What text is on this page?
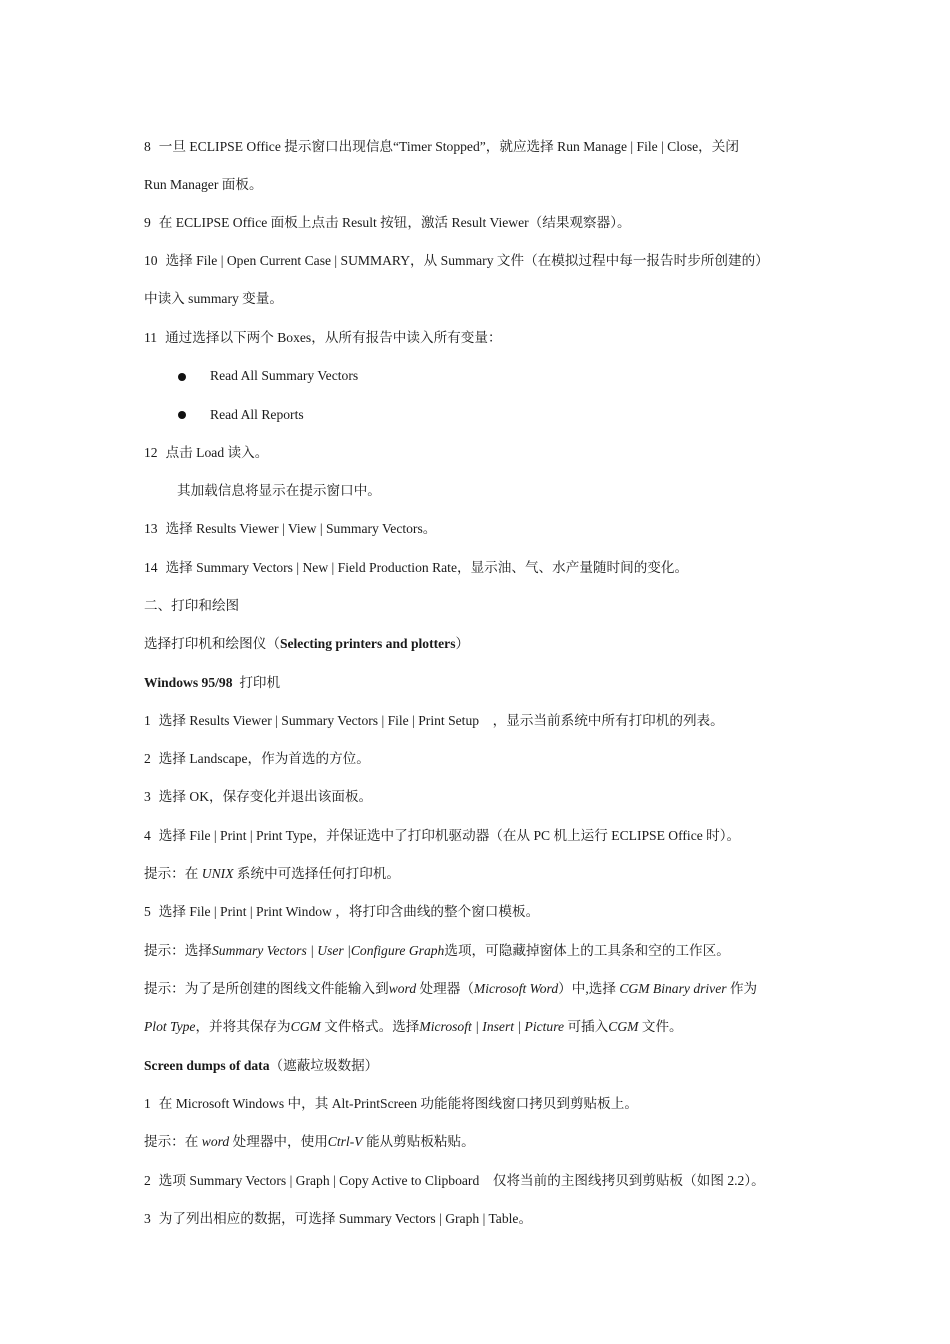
8 一旦 ECLIPSE Office 提示窗口出现信息“Timer Stopped”，就应选择 Run Manage | File | Close，关闭
Run Manager 面板。
9 在 ECLIPSE Office 面板上点击 Result 按钮，激活 Result Viewer（结果观察器）。
10 选择 File | Open Current Case | SUMMARY，从 Summary 文件（在模拟过程中每一报告时步所创建的）
中读入 summary 变量。
11 通过选择以下两个 Boxes，从所有报告中读入所有变量：
Read All Summary Vectors
Read All Reports
12 点击 Load 读入。
其加载信息将显示在提示窗口中。
13 选择 Results Viewer | View | Summary Vectors。
14 选择 Summary Vectors | New | Field Production Rate，显示油、气、水产量随时间的变化。
二、打印和绘图
选择打印机和绘图仪（Selecting printers and plotters）
Windows 95/98 打印机
1 选择 Results Viewer | Summary Vectors | File | Print Setup　，显示当前系统中所有打印机的列表。
2 选择 Landscape，作为首选的方位。
3 选择 OK，保存变化并退出该面板。
4 选择 File | Print | Print Type，并保证选中了打印机驱动器（在从 PC 机上运行 ECLIPSE Office 时）。
提示：在 UNIX 系统中可选择任何打印机。
5 选择 File | Print | Print Window ，将打印含曲线的整个窗口模板。
提示：选择Summary Vectors | User |Configure Graph选项，可隐藏掉窗体上的工具条和空的工作区。
提示：为了是所创建的图线文件能输入到word 处理器（Microsoft Word）中,选择 CGM Binary driver 作为
Plot Type，并将其保存为CGM 文件格式。选择Microsoft | Insert | Picture 可插入CGM 文件。
Screen dumps of data（遮蔽垃圾数据）
1 在 Microsoft Windows 中，其 Alt-PrintScreen 功能能将图线窗口拷贝到剪贴板上。
提示：在 word 处理器中，使用Ctrl-V 能从剪贴板粘贴。
2 选项 Summary Vectors | Graph | Copy Active to Clipboard　仅将当前的主图线拷贝到剪贴板（如图 2.2）。
3 为了列出相应的数据，可选择 Summary Vectors | Graph | Table。
